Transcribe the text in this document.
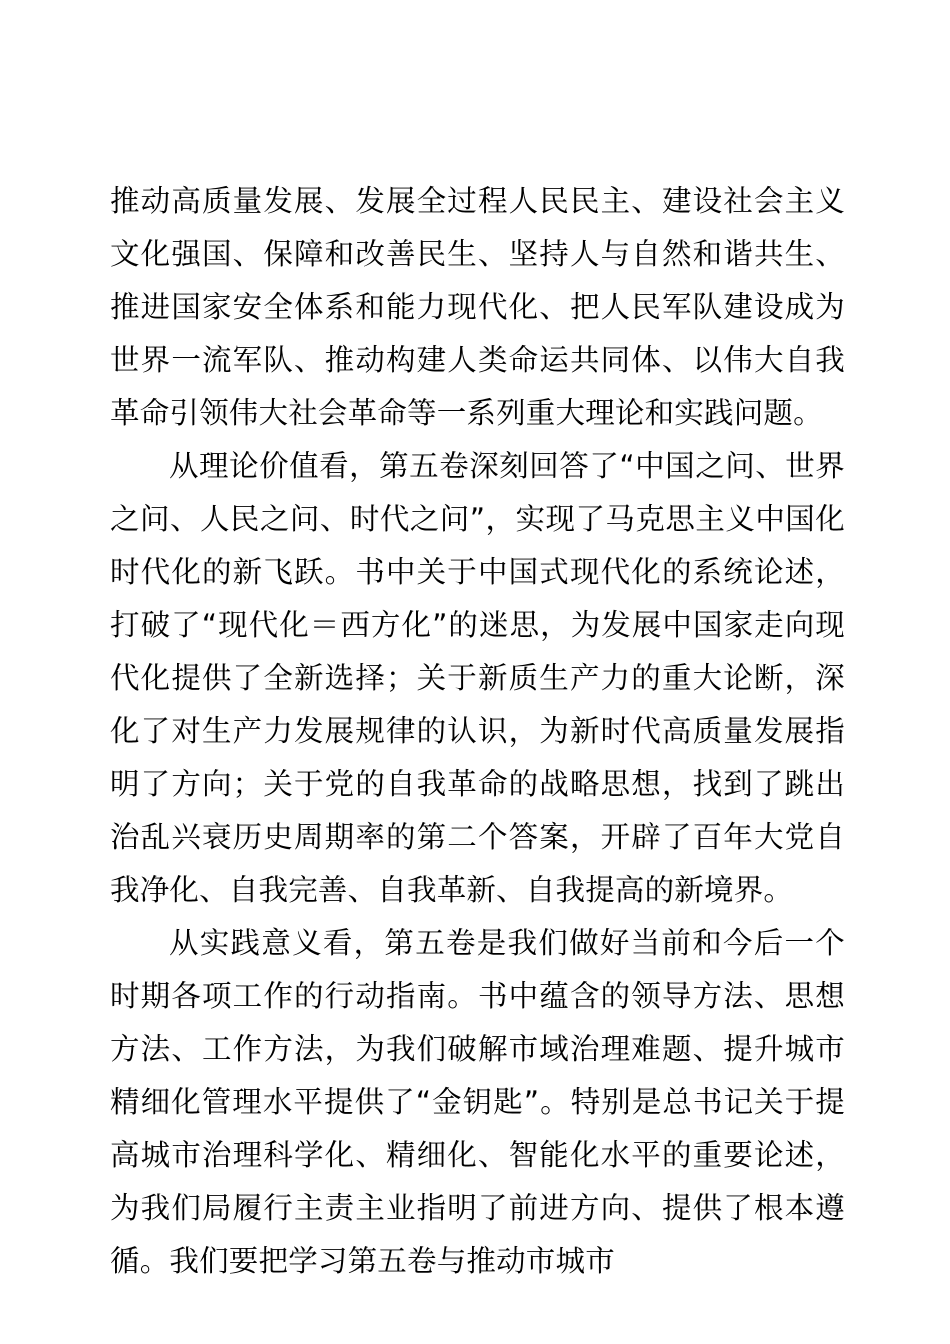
推动高质量发展、发展全过程人民民主、建设社会主义文化强国、保障和改善民生、坚持人与自然和谐共生、推进国家安全体系和能力现代化、把人民军队建设成为世界一流军队、推动构建人类命运共同体、以伟大自我革命引领伟大社会革命等一系列重大理论和实践问题。

从理论价值看，第五卷深刻回答了“中国之问、世界之问、人民之问、时代之问”，实现了马克思主义中国化时代化的新飞跃。书中关于中国式现代化的系统论述，打破了“现代化＝西方化”的迷思，为发展中国家走向现代化提供了全新选择；关于新质生产力的重大论断，深化了对生产力发展规律的认识，为新时代高质量发展指明了方向；关于党的自我革命的战略思想，找到了跳出治乱兴衰历史周期率的第二个答案，开辟了百年大党自我净化、自我完善、自我革新、自我提高的新境界。

从实践意义看，第五卷是我们做好当前和今后一个时期各项工作的行动指南。书中蕴含的领导方法、思想方法、工作方法，为我们破解市域治理难题、提升城市精细化管理水平提供了“金钥匙”。特别是总书记关于提高城市治理科学化、精细化、智能化水平的重要论述，为我们局履行主责主业指明了前进方向、提供了根本遵循。我们要把学习第五卷与推动市城市
